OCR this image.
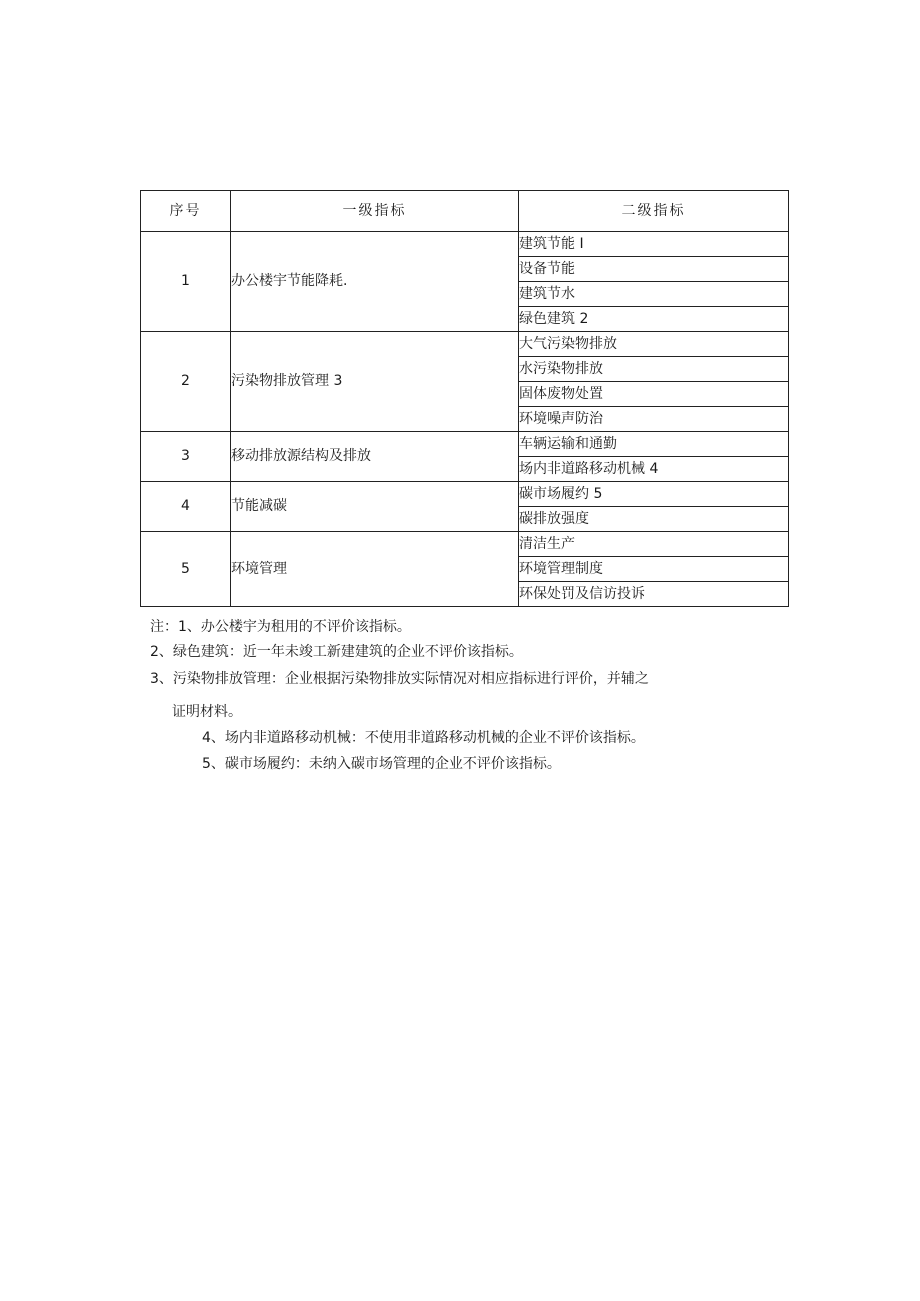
序号	一级指标	二级指标
1	办公楼宇节能降耗.	建筑节能 I
		设备节能
		建筑节水
		绿色建筑 2
2	污染物排放管理 3	大气污染物排放
		水污染物排放
		固体废物处置
		环境噪声防治
3	移动排放源结构及排放	车辆运输和通勤
		场内非道路移动机械 4
4	节能减碳	碳市场履约 5
		碳排放强度
5	环境管理	清洁生产
		环境管理制度
		环保处罚及信访投诉
注：1、办公楼宇为租用的不评价该指标。
2、绿色建筑：近一年未竣工新建建筑的企业不评价该指标。
3、污染物排放管理：企业根据污染物排放实际情况对相应指标进行评价，并辅之
证明材料。
4、场内非道路移动机械：不使用非道路移动机械的企业不评价该指标。
5、碳市场履约：未纳入碳市场管理的企业不评价该指标。
